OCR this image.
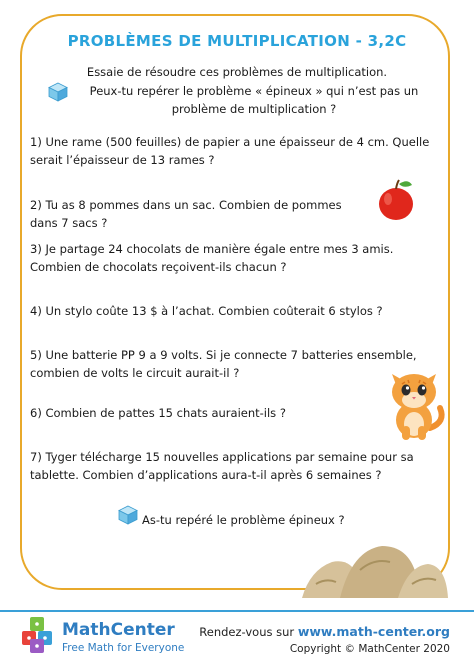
PROBLÈMES DE MULTIPLICATION - 3,2C
Essaie de résoudre ces problèmes de multiplication.
Peux-tu repérer le problème « épineux » qui n’est pas un problème de multiplication ?
1) Une rame (500 feuilles) de papier a une épaisseur de 4 cm. Quelle serait l’épaisseur de 13 rames ?
2) Tu as 8 pommes dans un sac. Combien de pommes dans 7 sacs ?
3) Je partage 24 chocolats de manière égale entre mes 3 amis. Combien de chocolats reçoivent-ils chacun ?
4) Un stylo coûte 13 $ à l’achat. Combien coûterait 6 stylos ?
5) Une batterie PP 9 a 9 volts. Si je connecte 7 batteries ensemble, combien de volts le circuit aurait-il ?
6) Combien de pattes 15 chats auraient-ils ?
7) Tyger télécharge 15 nouvelles applications par semaine pour sa tablette. Combien d’applications aura-t-il après 6 semaines ?
As-tu repéré le problème épineux ?
MathCenter
Free Math for Everyone
Rendez-vous sur www.math-center.org
Copyright © MathCenter 2020
